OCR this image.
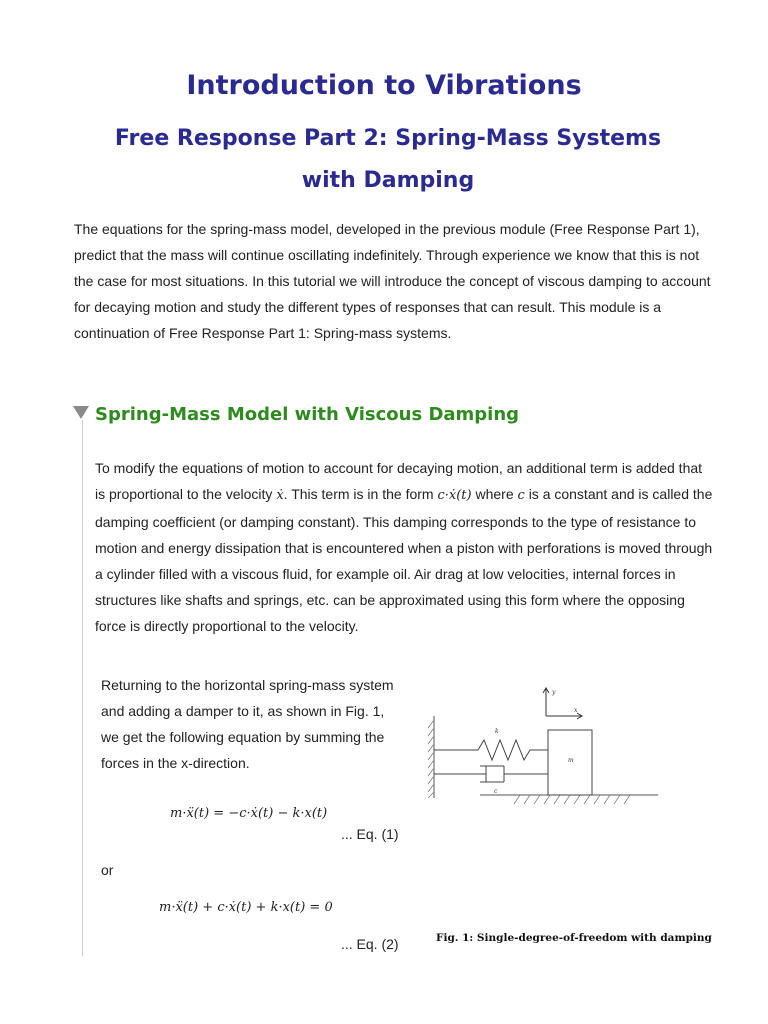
Introduction to Vibrations
Free Response Part 2: Spring-Mass Systems with Damping

The equations for the spring-mass model, developed in the previous module (Free Response Part 1), predict that the mass will continue oscillating indefinitely. Through experience we know that this is not the case for most situations. In this tutorial we will introduce the concept of viscous damping to account for decaying motion and study the different types of responses that can result. This module is a continuation of Free Response Part 1: Spring-mass systems.

Spring-Mass Model with Viscous Damping

To modify the equations of motion to account for decaying motion, an additional term is added that is proportional to the velocity ẋ. This term is in the form c·ẋ(t) where c is a constant and is called the damping coefficient (or damping constant). This damping corresponds to the type of resistance to motion and energy dissipation that is encountered when a piston with perforations is moved through a cylinder filled with a viscous fluid, for example oil. Air drag at low velocities, internal forces in structures like shafts and springs, etc. can be approximated using this form where the opposing force is directly proportional to the velocity.

Returning to the horizontal spring-mass system and adding a damper to it, as shown in Fig. 1, we get the following equation by summing the forces in the x-direction.

m·ẍ(t) = −c·ẋ(t) − k·x(t)
... Eq. (1)
or
m·ẍ(t) + c·ẋ(t) + k·x(t) = 0
... Eq. (2)
y
x
k
m
c
Fig. 1: Single-degree-of-freedom with damping
